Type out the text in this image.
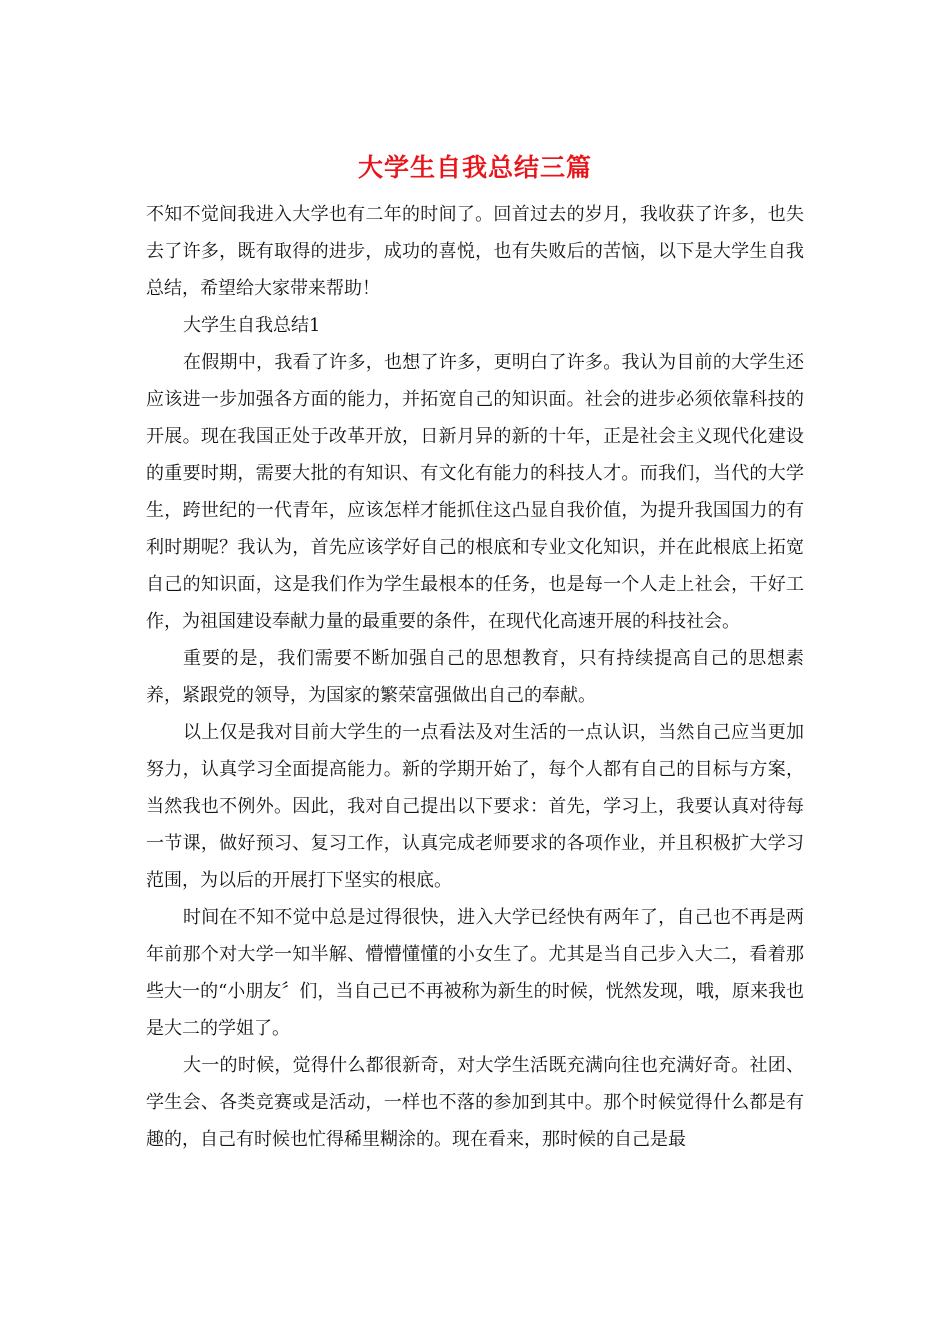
大学生自我总结三篇

不知不觉间我进入大学也有二年的时间了。回首过去的岁月，我收获了许多，也失去了许多，既有取得的进步，成功的喜悦，也有失败后的苦恼，以下是大学生自我总结，希望给大家带来帮助！

大学生自我总结1

在假期中，我看了许多，也想了许多，更明白了许多。我认为目前的大学生还应该进一步加强各方面的能力，并拓宽自己的知识面。社会的进步必须依靠科技的开展。现在我国正处于改革开放，日新月异的新的十年，正是社会主义现代化建设的重要时期，需要大批的有知识、有文化有能力的科技人才。而我们，当代的大学生，跨世纪的一代青年，应该怎样才能抓住这凸显自我价值，为提升我国国力的有利时期呢？我认为，首先应该学好自己的根底和专业文化知识，并在此根底上拓宽自己的知识面，这是我们作为学生最根本的任务，也是每一个人走上社会，干好工作，为祖国建设奉献力量的最重要的条件，在现代化高速开展的科技社会。

重要的是，我们需要不断加强自己的思想教育，只有持续提高自己的思想素养，紧跟党的领导，为国家的繁荣富强做出自己的奉献。

以上仅是我对目前大学生的一点看法及对生活的一点认识，当然自己应当更加努力，认真学习全面提高能力。新的学期开始了，每个人都有自己的目标与方案，当然我也不例外。因此，我对自己提出以下要求：首先，学习上，我要认真对待每一节课，做好预习、复习工作，认真完成老师要求的各项作业，并且积极扩大学习范围，为以后的开展打下坚实的根底。

时间在不知不觉中总是过得很快，进入大学已经快有两年了，自己也不再是两年前那个对大学一知半解、懵懵懂懂的小女生了。尤其是当自己步入大二，看着那些大一的“小朋友〞们，当自己已不再被称为新生的时候，恍然发现，哦，原来我也是大二的学姐了。

大一的时候，觉得什么都很新奇，对大学生活既充满向往也充满好奇。社团、学生会、各类竞赛或是活动，一样也不落的参加到其中。那个时候觉得什么都是有趣的，自己有时候也忙得稀里糊涂的。现在看来，那时候的自己是最
